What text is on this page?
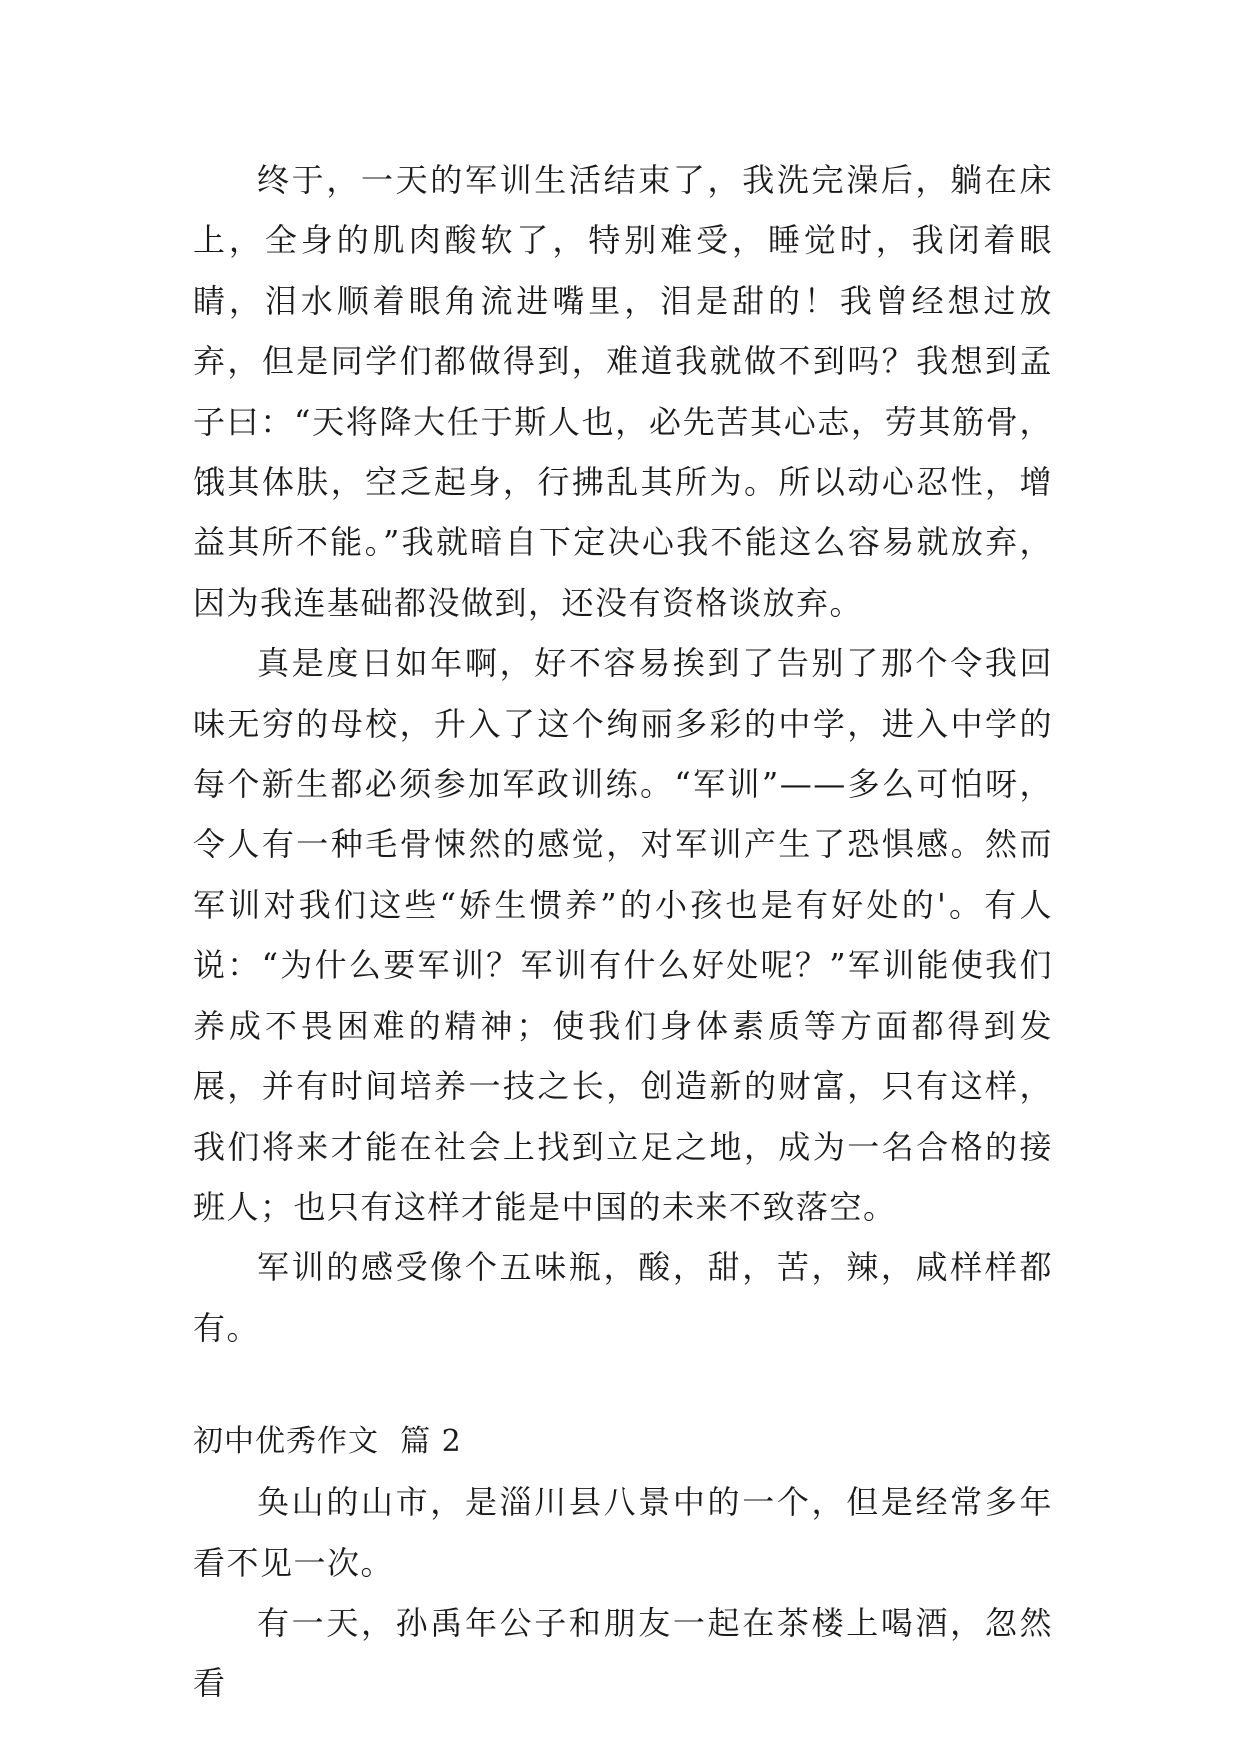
终于，一天的军训生活结束了，我洗完澡后，躺在床上，全身的肌肉酸软了，特别难受，睡觉时，我闭着眼睛，泪水顺着眼角流进嘴里，泪是甜的！我曾经想过放弃，但是同学们都做得到，难道我就做不到吗？我想到孟子曰：“天将降大任于斯人也，必先苦其心志，劳其筋骨，饿其体肤，空乏起身，行拂乱其所为。所以动心忍性，增益其所不能。”我就暗自下定决心我不能这么容易就放弃，因为我连基础都没做到，还没有资格谈放弃。

真是度日如年啊，好不容易挨到了告别了那个令我回味无穷的母校，升入了这个绚丽多彩的中学，进入中学的每个新生都必须参加军政训练。“军训”——多么可怕呀，令人有一种毛骨悚然的感觉，对军训产生了恐惧感。然而军训对我们这些“娇生惯养”的小孩也是有好处的'。有人说：“为什么要军训？军训有什么好处呢？”军训能使我们养成不畏困难的精神；使我们身体素质等方面都得到发展，并有时间培养一技之长，创造新的财富，只有这样，我们将来才能在社会上找到立足之地，成为一名合格的接班人；也只有这样才能是中国的未来不致落空。

军训的感受像个五味瓶，酸，甜，苦，辣，咸样样都有。

初中优秀作文  篇 2

奂山的山市，是淄川县八景中的一个，但是经常多年看不见一次。

有一天，孙禹年公子和朋友一起在茶楼上喝酒，忽然看
